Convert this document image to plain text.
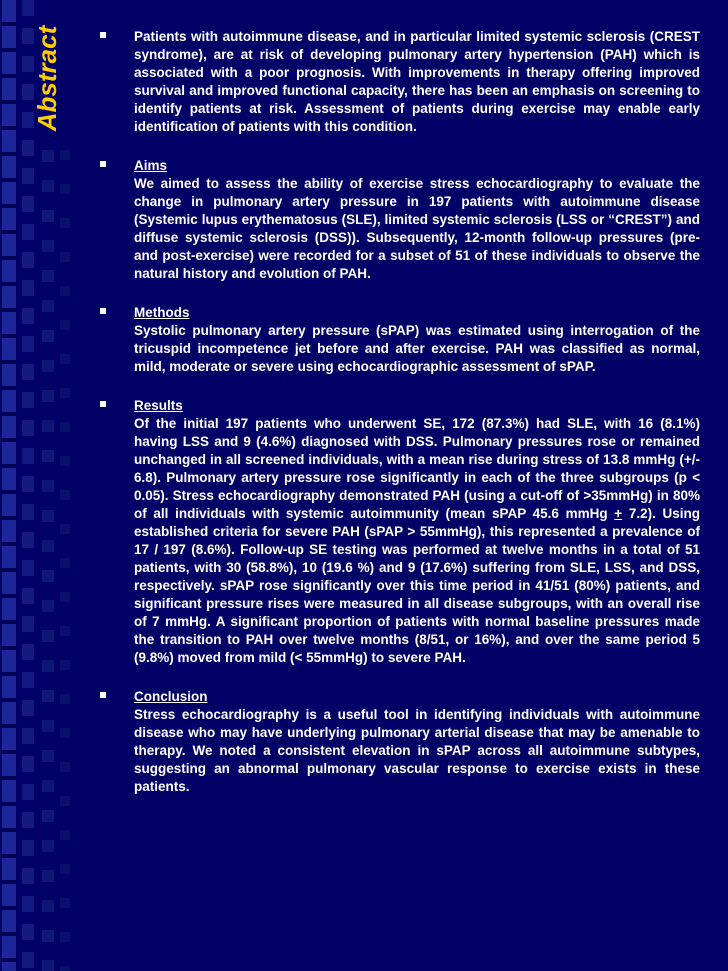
Abstract	Patients with autoimmune disease, and in particular limited systemic sclerosis (CREST syndrome), are at risk of developing pulmonary artery hypertension (PAH) which is associated with a poor prognosis. With improvements in therapy offering improved survival and improved functional capacity, there has been an emphasis on screening to identify patients at risk. Assessment of patients during exercise may enable early identification of patients with this condition.

Aims

We aimed to assess the ability of exercise stress echocardiography to evaluate the change in pulmonary artery pressure in 197 patients with autoimmune disease (Systemic lupus erythematosus (SLE), limited systemic sclerosis (LSS or “CREST”) and diffuse systemic sclerosis (DSS)). Subsequently, 12-month follow-up pressures (pre- and post-exercise) were recorded for a subset of 51 of these individuals to observe the natural history and evolution of PAH.

Methods

Systolic pulmonary artery pressure (sPAP) was estimated using interrogation of the tricuspid incompetence jet before and after exercise. PAH was classified as normal, mild, moderate or severe using echocardiographic assessment of sPAP.

Results

Of the initial 197 patients who underwent SE, 172 (87.3%) had SLE, with 16 (8.1%) having LSS and 9 (4.6%) diagnosed with DSS. Pulmonary pressures rose or remained unchanged in all screened individuals, with a mean rise during stress of 13.8 mmHg (+/- 6.8). Pulmonary artery pressure rose significantly in each of the three subgroups (p < 0.05). Stress echocardiography demonstrated PAH (using a cut-off of >35mmHg) in 80% of all individuals with systemic autoimmunity (mean sPAP 45.6 mmHg + 7.2). Using established criteria for severe PAH (sPAP > 55mmHg), this represented a prevalence of 17 / 197 (8.6%). Follow-up SE testing was performed at twelve months in a total of 51 patients, with 30 (58.8%), 10 (19.6 %) and 9 (17.6%) suffering from SLE, LSS, and DSS, respectively. sPAP rose significantly over this time period in 41/51 (80%) patients, and significant pressure rises were measured in all disease subgroups, with an overall rise of 7 mmHg. A significant proportion of patients with normal baseline pressures made the transition to PAH over twelve months (8/51, or 16%), and over the same period 5 (9.8%) moved from mild (< 55mmHg) to severe PAH.

Conclusion

Stress echocardiography is a useful tool in identifying individuals with autoimmune disease who may have underlying pulmonary arterial disease that may be amenable to therapy. We noted a consistent elevation in sPAP across all autoimmune subtypes, suggesting an abnormal pulmonary vascular response to exercise exists in these patients.
